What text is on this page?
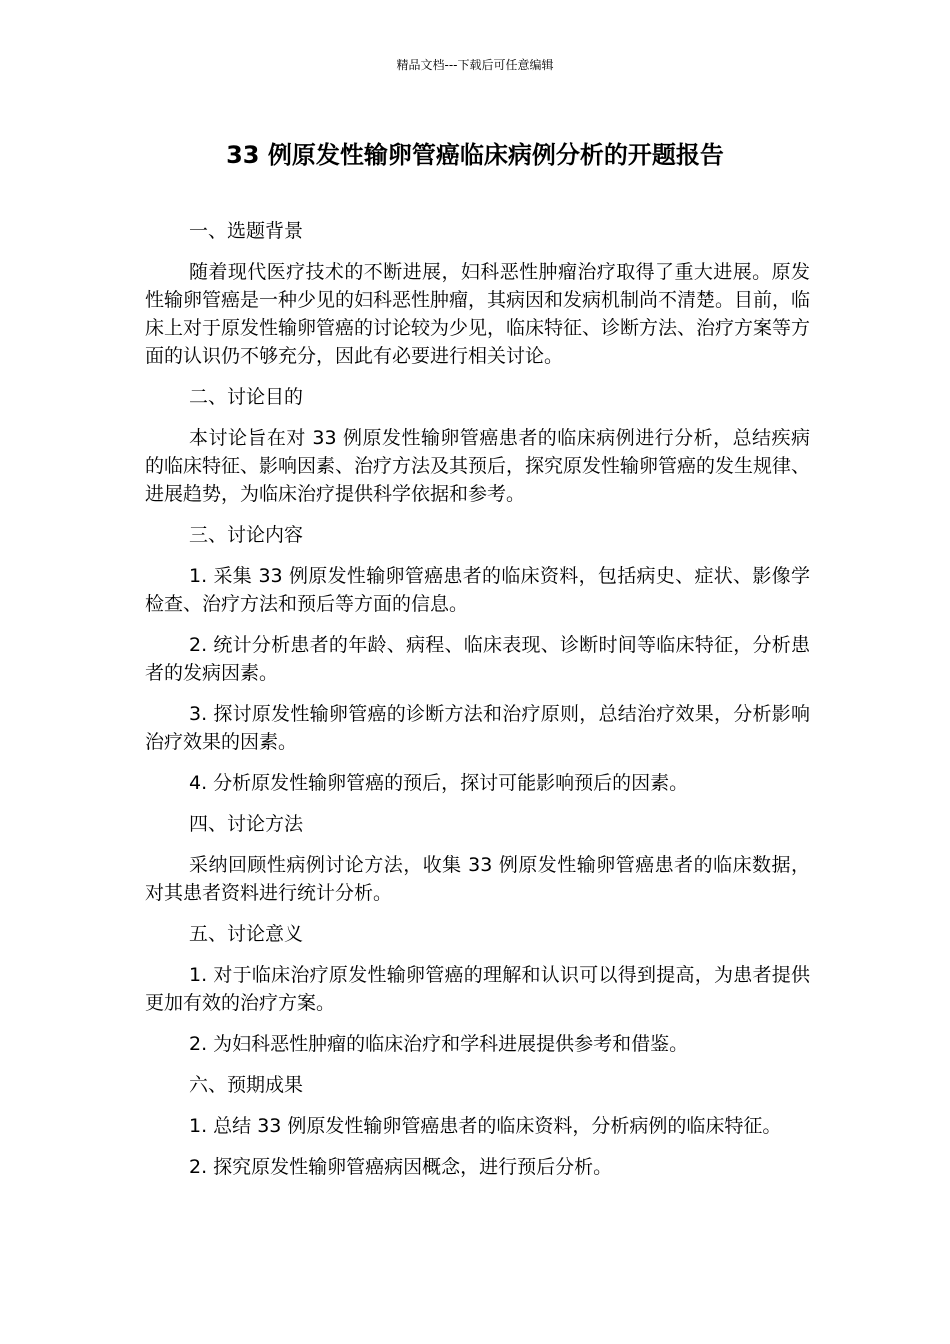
精品文档---下载后可任意编辑
33 例原发性输卵管癌临床病例分析的开题报告

一、选题背景

随着现代医疗技术的不断进展，妇科恶性肿瘤治疗取得了重大进展。原发性输卵管癌是一种少见的妇科恶性肿瘤，其病因和发病机制尚不清楚。目前，临床上对于原发性输卵管癌的讨论较为少见，临床特征、诊断方法、治疗方案等方面的认识仍不够充分，因此有必要进行相关讨论。

二、讨论目的

本讨论旨在对 33 例原发性输卵管癌患者的临床病例进行分析，总结疾病的临床特征、影响因素、治疗方法及其预后，探究原发性输卵管癌的发生规律、进展趋势，为临床治疗提供科学依据和参考。

三、讨论内容

1. 采集 33 例原发性输卵管癌患者的临床资料，包括病史、症状、影像学检查、治疗方法和预后等方面的信息。

2. 统计分析患者的年龄、病程、临床表现、诊断时间等临床特征，分析患者的发病因素。

3. 探讨原发性输卵管癌的诊断方法和治疗原则，总结治疗效果，分析影响治疗效果的因素。

4. 分析原发性输卵管癌的预后，探讨可能影响预后的因素。

四、讨论方法

采纳回顾性病例讨论方法，收集 33 例原发性输卵管癌患者的临床数据，对其患者资料进行统计分析。

五、讨论意义

1. 对于临床治疗原发性输卵管癌的理解和认识可以得到提高，为患者提供更加有效的治疗方案。

2. 为妇科恶性肿瘤的临床治疗和学科进展提供参考和借鉴。

六、预期成果

1. 总结 33 例原发性输卵管癌患者的临床资料，分析病例的临床特征。

2. 探究原发性输卵管癌病因概念，进行预后分析。
